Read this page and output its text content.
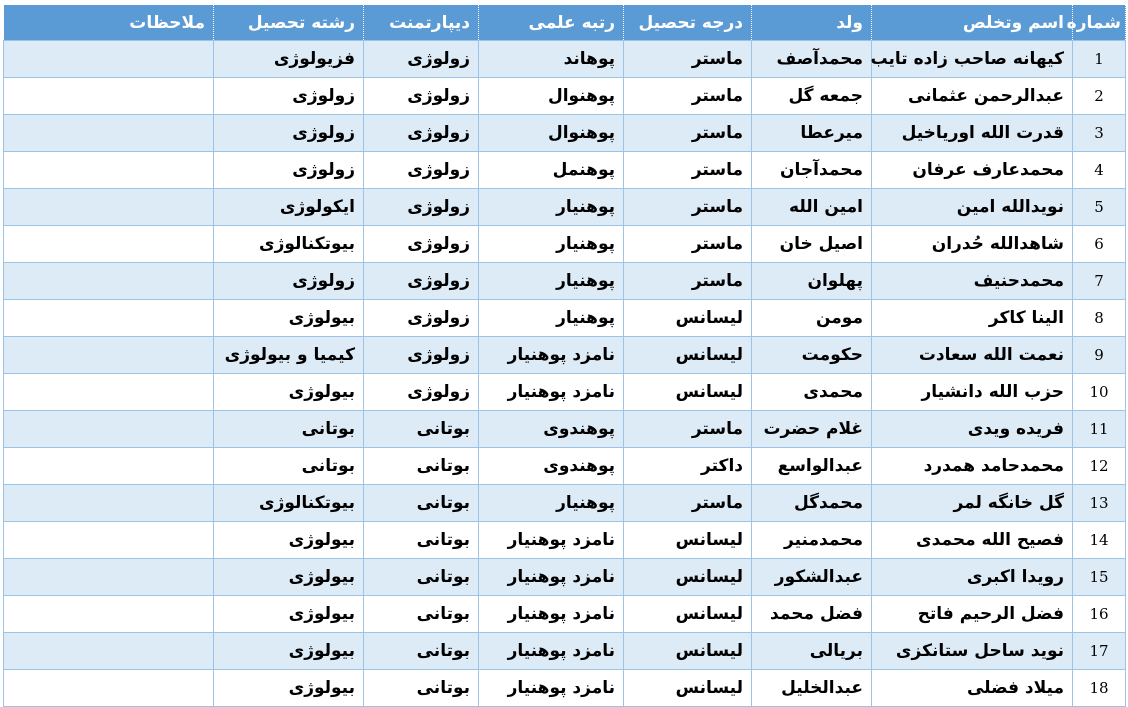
شماره	اسم وتخلص	ولد	درجه تحصیل	رتبه علمی	دیپارتمنت	رشته تحصیل	ملاحظات
1	کیهانه صاحب زاده تایب	محمدآصف	ماستر	پوهاند	زولوژی	فزیولوژی	
2	عبدالرحمن عثمانی	جمعه گل	ماستر	پوهنوال	زولوژی	زولوژی	
3	قدرت الله اوریاخیل	میرعطا	ماستر	پوهنوال	زولوژی	زولوژی	
4	محمدعارف عرفان	محمدآجان	ماستر	پوهنمل	زولوژی	زولوژی	
5	نویدالله امین	امین الله	ماستر	پوهنیار	زولوژی	ایکولوژی	
6	شاهدالله حُدران	اصیل خان	ماستر	پوهنیار	زولوژی	بیوتکنالوژی	
7	محمدحنیف	پهلوان	ماستر	پوهنیار	زولوژی	زولوژی	
8	الینا کاکر	مومن	لیسانس	پوهنیار	زولوژی	بیولوژی	
9	نعمت الله سعادت	حکومت	لیسانس	نامزد پوهنیار	زولوژی	کیمیا و بیولوژی	
10	حزب الله دانشیار	محمدی	لیسانس	نامزد پوهنیار	زولوژی	بیولوژی	
11	فریده ویدی	غلام حضرت	ماستر	پوهندوی	بوتانی	بوتانی	
12	محمدحامد همدرد	عبدالواسع	داکتر	پوهندوی	بوتانی	بوتانی	
13	گل خانگه لمر	محمدگل	ماستر	پوهنیار	بوتانی	بیوتکنالوژی	
14	فصیح الله محمدی	محمدمنیر	لیسانس	نامزد پوهنیار	بوتانی	بیولوژی	
15	رویدا اکبری	عبدالشکور	لیسانس	نامزد پوهنیار	بوتانی	بیولوژی	
16	فضل الرحیم فاتح	فضل محمد	لیسانس	نامزد پوهنیار	بوتانی	بیولوژی	
17	نوید ساحل ستانکزی	بریالی	لیسانس	نامزد پوهنیار	بوتانی	بیولوژی	
18	میلاد فضلی	عبدالخلیل	لیسانس	نامزد پوهنیار	بوتانی	بیولوژی	
